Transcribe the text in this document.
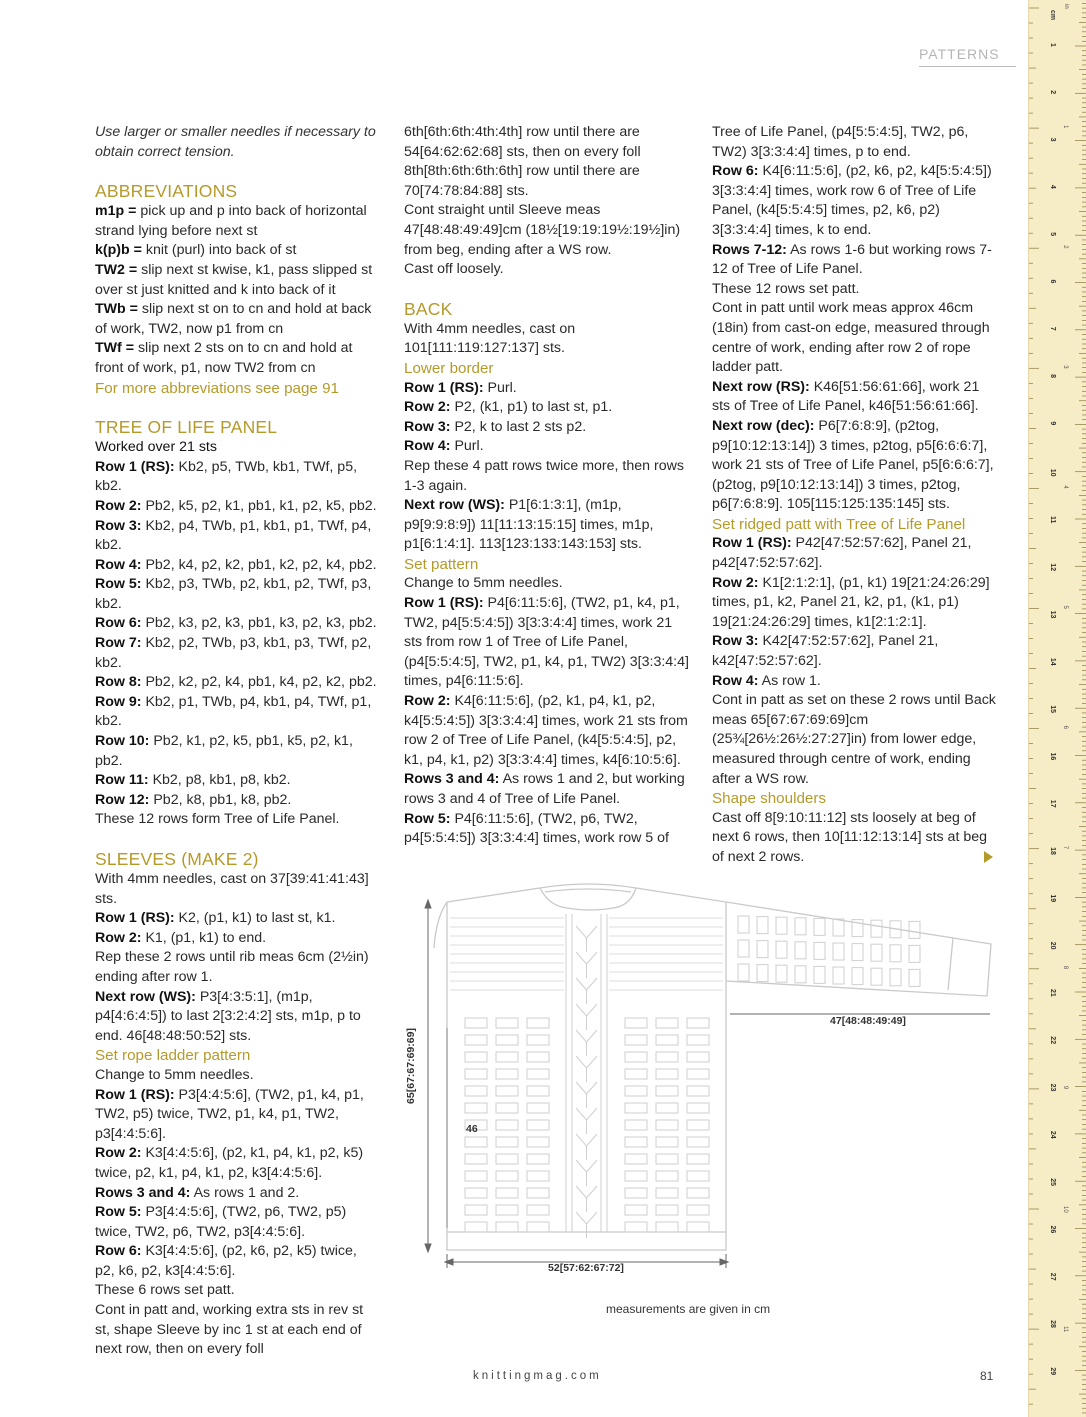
PATTERNS

Use larger or smaller needles if necessary to obtain correct tension.

ABBREVIATIONS

m1p = pick up and p into back of horizontal strand lying before next st

k(p)b = knit (purl) into back of st

TW2 = slip next st kwise, k1, pass slipped st over st just knitted and k into back of it

TWb = slip next st on to cn and hold at back of work, TW2, now p1 from cn

TWf = slip next 2 sts on to cn and hold at front of work, p1, now TW2 from cn

For more abbreviations see page 91

TREE OF LIFE PANEL

Worked over 21 sts

Row 1 (RS): Kb2, p5, TWb, kb1, TWf, p5, kb2.

Row 2: Pb2, k5, p2, k1, pb1, k1, p2, k5, pb2.

Row 3: Kb2, p4, TWb, p1, kb1, p1, TWf, p4, kb2.

Row 4: Pb2, k4, p2, k2, pb1, k2, p2, k4, pb2.

Row 5: Kb2, p3, TWb, p2, kb1, p2, TWf, p3, kb2.

Row 6: Pb2, k3, p2, k3, pb1, k3, p2, k3, pb2.

Row 7: Kb2, p2, TWb, p3, kb1, p3, TWf, p2, kb2.

Row 8: Pb2, k2, p2, k4, pb1, k4, p2, k2, pb2.

Row 9: Kb2, p1, TWb, p4, kb1, p4, TWf, p1, kb2.

Row 10: Pb2, k1, p2, k5, pb1, k5, p2, k1, pb2.

Row 11: Kb2, p8, kb1, p8, kb2.

Row 12: Pb2, k8, pb1, k8, pb2.

These 12 rows form Tree of Life Panel.

SLEEVES (MAKE 2)

With 4mm needles, cast on 37[39:41:41:43] sts.

Row 1 (RS): K2, (p1, k1) to last st, k1.

Row 2: K1, (p1, k1) to end.

Rep these 2 rows until rib meas 6cm (2½in) ending after row 1.

Next row (WS): P3[4:3:5:1], (m1p, p4[4:6:4:5]) to last 2[3:2:4:2] sts, m1p, p to end. 46[48:48:50:52] sts.

Set rope ladder pattern

Change to 5mm needles.

Row 1 (RS): P3[4:4:5:6], (TW2, p1, k4, p1, TW2, p5) twice, TW2, p1, k4, p1, TW2, p3[4:4:5:6].

Row 2: K3[4:4:5:6], (p2, k1, p4, k1, p2, k5) twice, p2, k1, p4, k1, p2, k3[4:4:5:6].

Rows 3 and 4: As rows 1 and 2.

Row 5: P3[4:4:5:6], (TW2, p6, TW2, p5) twice, TW2, p6, TW2, p3[4:4:5:6].

Row 6: K3[4:4:5:6], (p2, k6, p2, k5) twice, p2, k6, p2, k3[4:4:5:6].

These 6 rows set patt.

Cont in patt and, working extra sts in rev st st, shape Sleeve by inc 1 st at each end of next row, then on every foll

6th[6th:6th:4th:4th] row until there are 54[64:62:62:68] sts, then on every foll 8th[8th:6th:6th:6th] row until there are 70[74:78:84:88] sts.

Cont straight until Sleeve meas 47[48:48:49:49]cm (18½[19:19:19½:19½]in) from beg, ending after a WS row.

Cast off loosely.

BACK

With 4mm needles, cast on 101[111:119:127:137] sts.

Lower border

Row 1 (RS): Purl.

Row 2: P2, (k1, p1) to last st, p1.

Row 3: P2, k to last 2 sts p2.

Row 4: Purl.

Rep these 4 patt rows twice more, then rows 1-3 again.

Next row (WS): P1[6:1:3:1], (m1p, p9[9:9:8:9]) 11[11:13:15:15] times, m1p, p1[6:1:4:1]. 113[123:133:143:153] sts.

Set pattern

Change to 5mm needles.

Row 1 (RS): P4[6:11:5:6], (TW2, p1, k4, p1, TW2, p4[5:5:4:5]) 3[3:3:4:4] times, work 21 sts from row 1 of Tree of Life Panel, (p4[5:5:4:5], TW2, p1, k4, p1, TW2) 3[3:3:4:4] times, p4[6:11:5:6].

Row 2: K4[6:11:5:6], (p2, k1, p4, k1, p2, k4[5:5:4:5]) 3[3:3:4:4] times, work 21 sts from row 2 of Tree of Life Panel, (k4[5:5:4:5], p2, k1, p4, k1, p2) 3[3:3:4:4] times, k4[6:10:5:6].

Rows 3 and 4: As rows 1 and 2, but working rows 3 and 4 of Tree of Life Panel.

Row 5: P4[6:11:5:6], (TW2, p6, TW2, p4[5:5:4:5]) 3[3:3:4:4] times, work row 5 of

Tree of Life Panel, (p4[5:5:4:5], TW2, p6, TW2) 3[3:3:4:4] times, p to end.

Row 6: K4[6:11:5:6], (p2, k6, p2, k4[5:5:4:5]) 3[3:3:4:4] times, work row 6 of Tree of Life Panel, (k4[5:5:4:5] times, p2, k6, p2) 3[3:3:4:4] times, k to end.

Rows 7-12: As rows 1-6 but working rows 7-12 of Tree of Life Panel.

These 12 rows set patt.

Cont in patt until work meas approx 46cm (18in) from cast-on edge, measured through centre of work, ending after row 2 of rope ladder patt.

Next row (RS): K46[51:56:61:66], work 21 sts of Tree of Life Panel, k46[51:56:61:66].

Next row (dec): P6[7:6:8:9], (p2tog, p9[10:12:13:14]) 3 times, p2tog, p5[6:6:6:7], work 21 sts of Tree of Life Panel, p5[6:6:6:7], (p2tog, p9[10:12:13:14]) 3 times, p2tog, p6[7:6:8:9]. 105[115:125:135:145] sts.

Set ridged patt with Tree of Life Panel

Row 1 (RS): P42[47:52:57:62], Panel 21, p42[47:52:57:62].

Row 2: K1[2:1:2:1], (p1, k1) 19[21:24:26:29] times, p1, k2, Panel 21, k2, p1, (k1, p1) 19[21:24:26:29] times, k1[2:1:2:1].

Row 3: K42[47:52:57:62], Panel 21, k42[47:52:57:62].

Row 4: As row 1.

Cont in patt as set on these 2 rows until Back meas 65[67:67:69:69]cm (25¾[26½:26½:27:27]in) from lower edge, measured through centre of work, ending after a WS row.

Shape shoulders

Cast off 8[9:10:11:12] sts loosely at beg of next 6 rows, then 10[11:12:13:14] sts at beg of next 2 rows.

65[67:67:69:69]
46
52[57:62:67:72]
47[48:48:49:49]
measurements are given in cm
knittingmag.com	81
cm
in
1
2
3
4
5
6
7
8
9
10
11
12
13
14
15
16
17
18
19
20
21
22
23
24
25
26
27
28
29
1
2
3
4
5
6
7
8
9
10
11
